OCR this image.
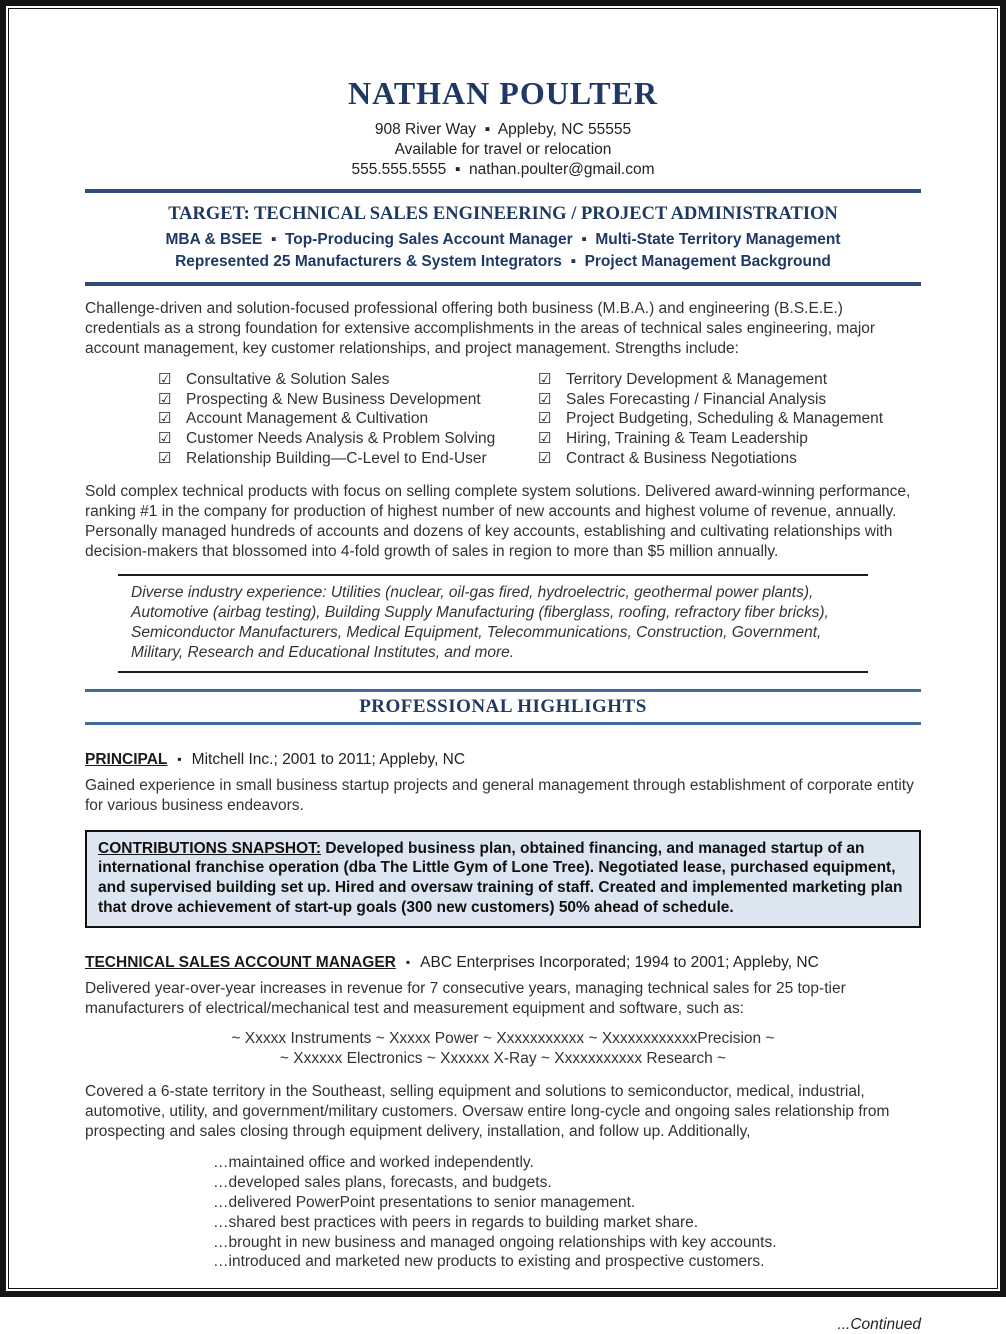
NATHAN POULTER
908 River Way  ▪  Appleby, NC 55555
Available for travel or relocation
555.555.5555  ▪  nathan.poulter@gmail.com
TARGET: TECHNICAL SALES ENGINEERING / PROJECT ADMINISTRATION
MBA & BSEE  ▪  Top-Producing Sales Account Manager  ▪  Multi-State Territory Management
Represented 25 Manufacturers & System Integrators  ▪  Project Management Background

Challenge-driven and solution-focused professional offering both business (M.B.A.) and engineering (B.S.E.E.) credentials as a strong foundation for extensive accomplishments in the areas of technical sales engineering, major account management, key customer relationships, and project management. Strengths include:

☑ Consultative & Solution Sales
☑ Prospecting & New Business Development
☑ Account Management & Cultivation
☑ Customer Needs Analysis & Problem Solving
☑ Relationship Building—C-Level to End-User
☑ Territory Development & Management
☑ Sales Forecasting / Financial Analysis
☑ Project Budgeting, Scheduling & Management
☑ Hiring, Training & Team Leadership
☑ Contract & Business Negotiations

Sold complex technical products with focus on selling complete system solutions. Delivered award-winning performance, ranking #1 in the company for production of highest number of new accounts and highest volume of revenue, annually. Personally managed hundreds of accounts and dozens of key accounts, establishing and cultivating relationships with decision-makers that blossomed into 4-fold growth of sales in region to more than $5 million annually.

Diverse industry experience: Utilities (nuclear, oil-gas fired, hydroelectric, geothermal power plants), Automotive (airbag testing), Building Supply Manufacturing (fiberglass, roofing, refractory fiber bricks), Semiconductor Manufacturers, Medical Equipment, Telecommunications, Construction, Government, Military, Research and Educational Institutes, and more.
PROFESSIONAL HIGHLIGHTS

PRINCIPAL ▪ Mitchell Inc.; 2001 to 2011; Appleby, NC

Gained experience in small business startup projects and general management through establishment of corporate entity for various business endeavors.

CONTRIBUTIONS SNAPSHOT: Developed business plan, obtained financing, and managed startup of an international franchise operation (dba The Little Gym of Lone Tree). Negotiated lease, purchased equipment, and supervised building set up. Hired and oversaw training of staff. Created and implemented marketing plan that drove achievement of start-up goals (300 new customers) 50% ahead of schedule.

TECHNICAL SALES ACCOUNT MANAGER ▪ ABC Enterprises Incorporated; 1994 to 2001; Appleby, NC

Delivered year-over-year increases in revenue for 7 consecutive years, managing technical sales for 25 top-tier manufacturers of electrical/mechanical test and measurement equipment and software, such as:

~ Xxxxx Instruments ~ Xxxxx Power ~ Xxxxxxxxxxx ~ XxxxxxxxxxxxPrecision ~
~ Xxxxxx Electronics ~ Xxxxxx X-Ray ~ Xxxxxxxxxxx Research ~

Covered a 6-state territory in the Southeast, selling equipment and solutions to semiconductor, medical, industrial, automotive, utility, and government/military customers. Oversaw entire long-cycle and ongoing sales relationship from prospecting and sales closing through equipment delivery, installation, and follow up. Additionally,

…maintained office and worked independently.
…developed sales plans, forecasts, and budgets.
…delivered PowerPoint presentations to senior management.
…shared best practices with peers in regards to building market share.
…brought in new business and managed ongoing relationships with key accounts.
…introduced and marketed new products to existing and prospective customers.
...Continued
